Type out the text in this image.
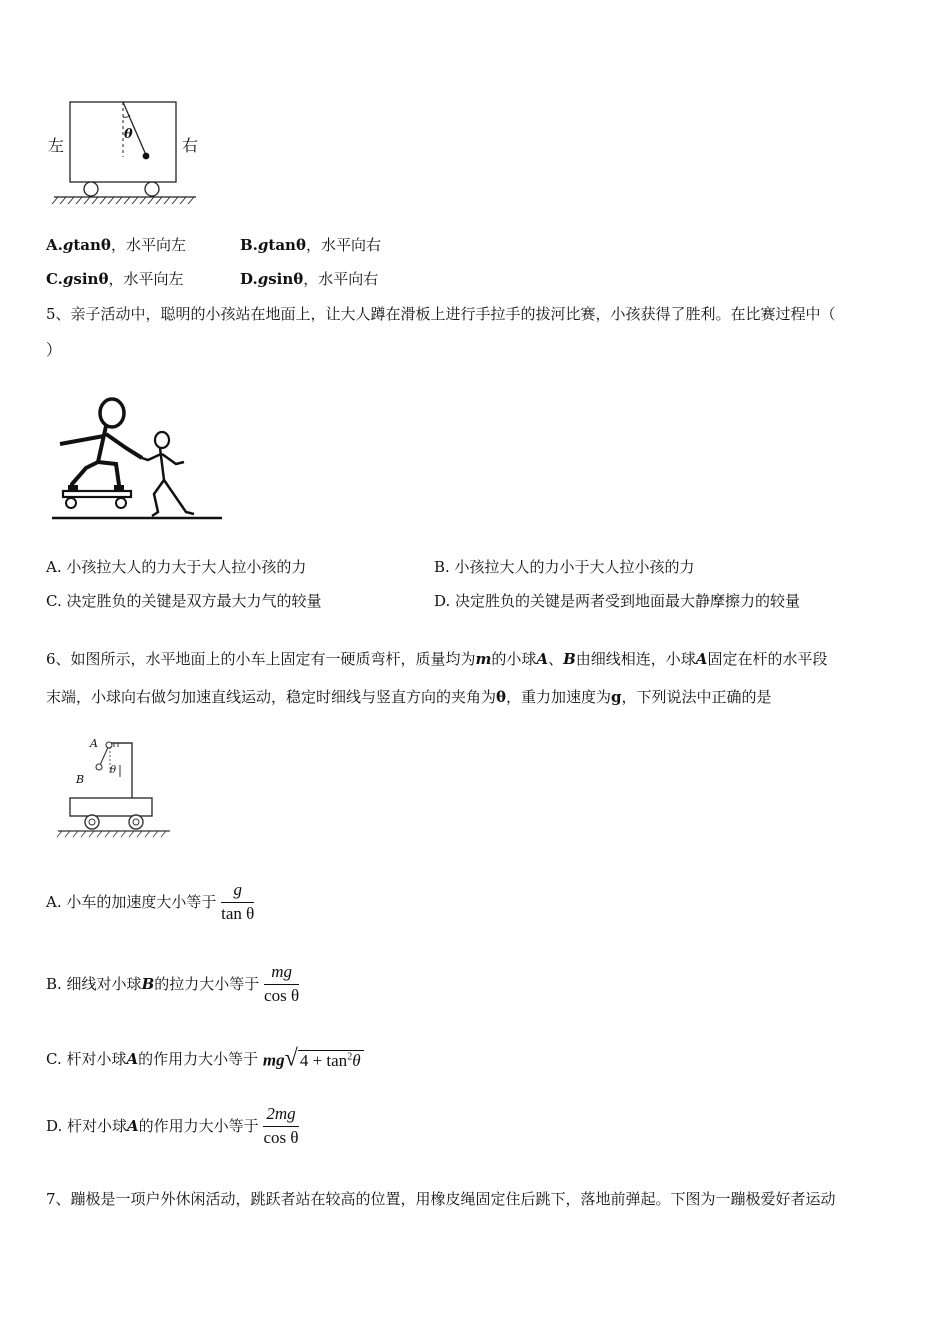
θ
左	右
A.gtanθ，水平向左	B.gtanθ，水平向右
C.gsinθ，水平向左	D.gsinθ，水平向右
5、亲子活动中，聪明的小孩站在地面上，让大人蹲在滑板上进行手拉手的拔河比赛，小孩获得了胜利。在比赛过程中（
）
A. 小孩拉大人的力大于大人拉小孩的力	B. 小孩拉大人的力小于大人拉小孩的力
C. 决定胜负的关键是双方最大力气的较量	D. 决定胜负的关键是两者受到地面最大静摩擦力的较量
6、如图所示，水平地面上的小车上固定有一硬质弯杆，质量均为m的小球A、B由细线相连，小球A固定在杆的水平段
末端，小球向右做匀加速直线运动，稳定时细线与竖直方向的夹角为θ，重力加速度为g，下列说法中正确的是
A
B
θ
A. 小车的加速度大小等于 $\frac{g}{\text{tan θ}}$
B. 细线对小球B的拉力大小等于 $\frac{mg}{\text{cos θ}}$
C. 杆对小球A的作用力大小等于 mg√ $4 + \tan^2\theta$
D. 杆对小球A的作用力大小等于 $\frac{2mg}{\text{cos θ}}$
7、蹦极是一项户外休闲活动，跳跃者站在较高的位置，用橡皮绳固定住后跳下，落地前弹起。下图为一蹦极爱好者运动
